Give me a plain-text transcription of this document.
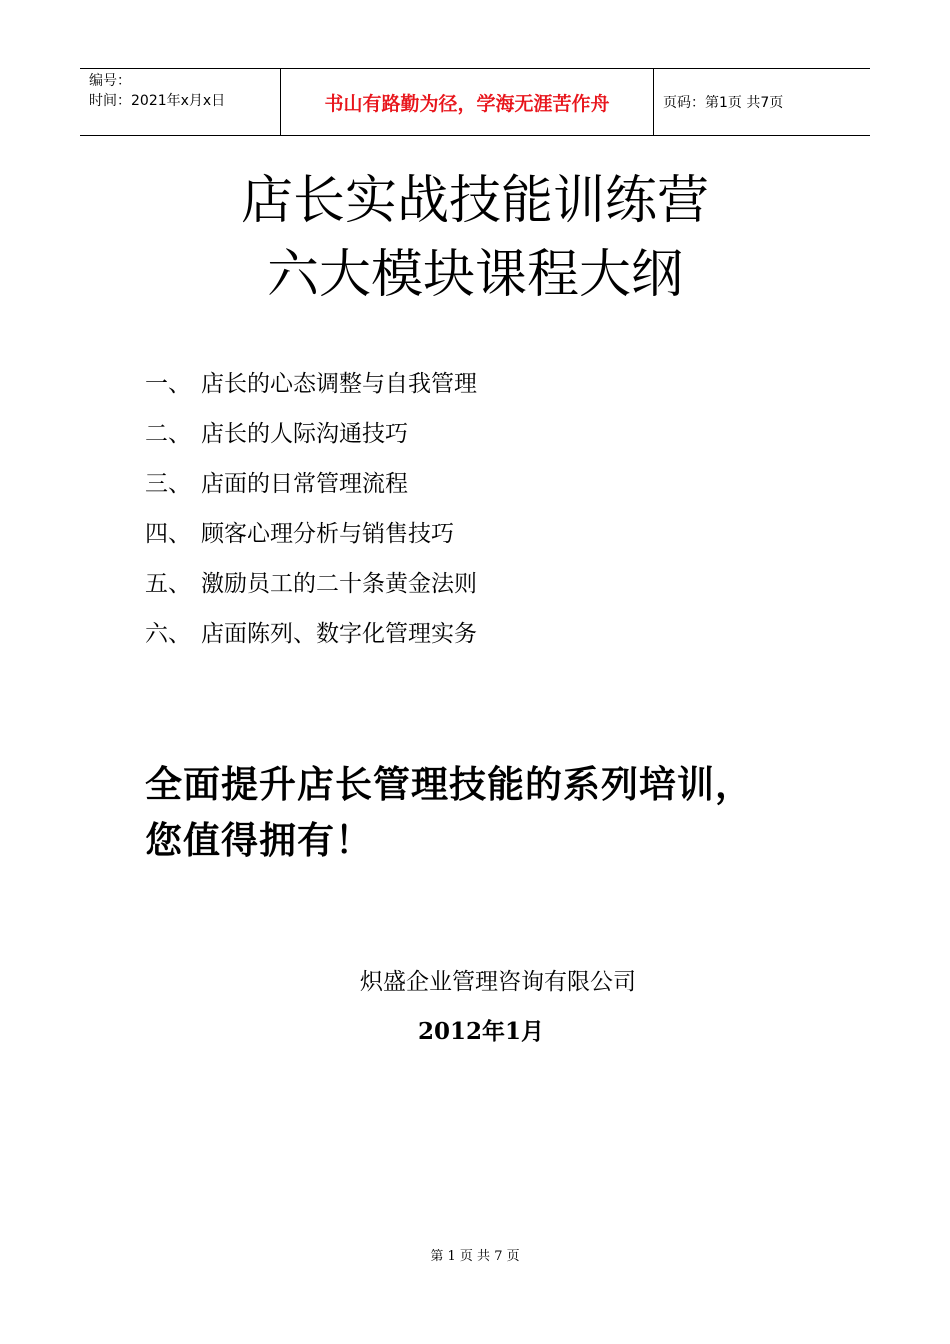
编号：
时间：2021年x月x日	书山有路勤为径，学海无涯苦作舟	页码：第1页 共7页
店长实战技能训练营
六大模块课程大纲
一、 店长的心态调整与自我管理
二、 店长的人际沟通技巧
三、 店面的日常管理流程
四、 顾客心理分析与销售技巧
五、 激励员工的二十条黄金法则
六、 店面陈列、数字化管理实务
全面提升店长管理技能的系列培训，
您值得拥有！
炽盛企业管理咨询有限公司
2012年1月
第 1 页 共 7 页
